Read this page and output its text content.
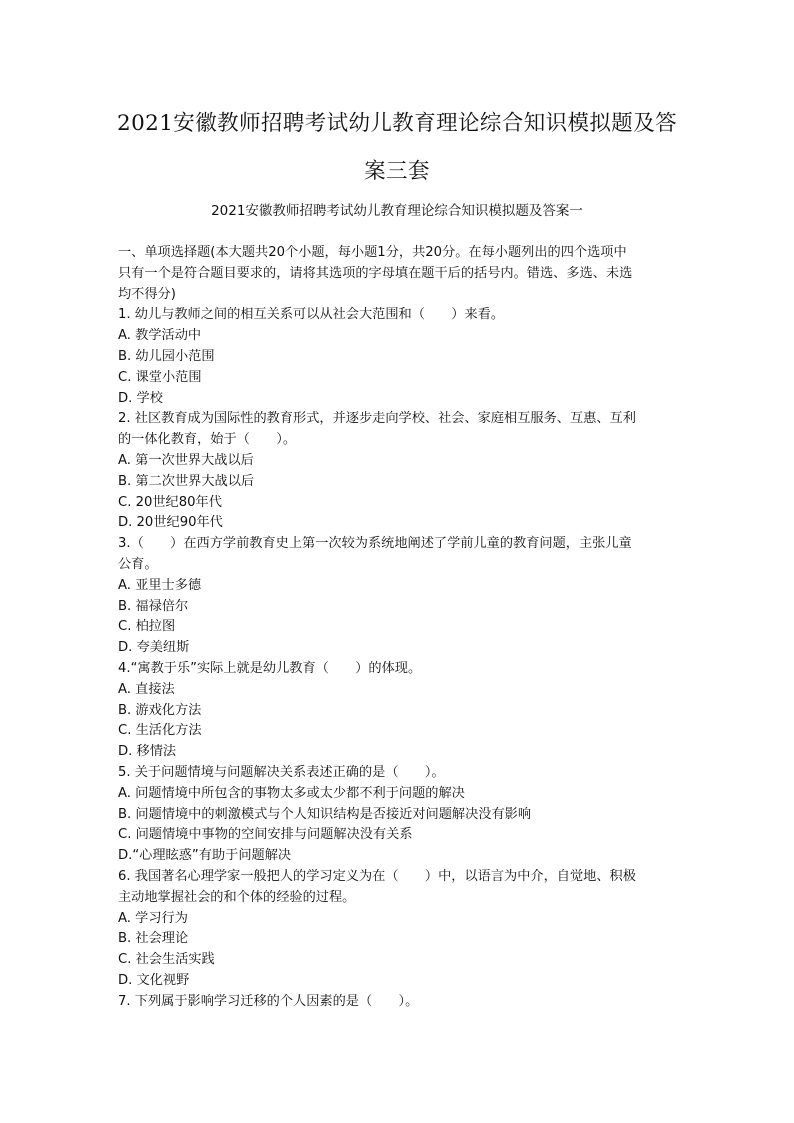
2021安徽教师招聘考试幼儿教育理论综合知识模拟题及答
案三套
2021安徽教师招聘考试幼儿教育理论综合知识模拟题及答案一
一、单项选择题(本大题共20个小题，每小题1分，共20分。在每小题列出的四个选项中
只有一个是符合题目要求的，请将其选项的字母填在题干后的括号内。错选、多选、未选
均不得分)
1. 幼儿与教师之间的相互关系可以从社会大范围和（　　）来看。
A. 教学活动中
B. 幼儿园小范围
C. 课堂小范围
D. 学校
2. 社区教育成为国际性的教育形式，并逐步走向学校、社会、家庭相互服务、互惠、互利
的一体化教育，始于（　　）。
A. 第一次世界大战以后
B. 第二次世界大战以后
C. 20世纪80年代
D. 20世纪90年代
3.（　　）在西方学前教育史上第一次较为系统地阐述了学前儿童的教育问题，主张儿童
公育。
A. 亚里士多德
B. 福禄倍尔
C. 柏拉图
D. 夸美纽斯
4.“寓教于乐”实际上就是幼儿教育（　　）的体现。
A. 直接法
B. 游戏化方法
C. 生活化方法
D. 移情法
5. 关于问题情境与问题解决关系表述正确的是（　　）。
A. 问题情境中所包含的事物太多或太少都不利于问题的解决
B. 问题情境中的刺激模式与个人知识结构是否接近对问题解决没有影响
C. 问题情境中事物的空间安排与问题解决没有关系
D.“心理眩惑”有助于问题解决
6. 我国著名心理学家一般把人的学习定义为在（　　）中，以语言为中介，自觉地、积极
主动地掌握社会的和个体的经验的过程。
A. 学习行为
B. 社会理论
C. 社会生活实践
D. 文化视野
7. 下列属于影响学习迁移的个人因素的是（　　）。
